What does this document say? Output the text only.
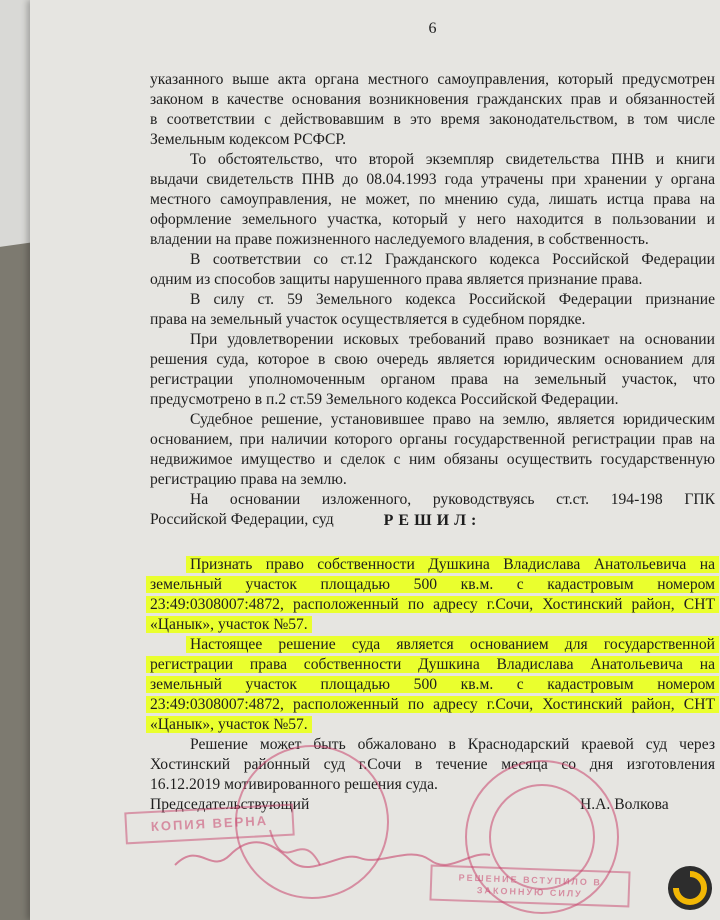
6
указанного выше акта органа местного самоуправления, который предусмотрен
законом в качестве основания возникновения гражданских прав и обязанностей
в соответствии с действовавшим в это время законодательством, в том числе
Земельным кодексом РСФСР.
То обстоятельство, что второй экземпляр свидетельства ПНВ и книги
выдачи свидетельств ПНВ до 08.04.1993 года утрачены при хранении у органа
местного самоуправления, не может, по мнению суда, лишать истца права на
оформление земельного участка, который у него находится в пользовании и
владении на праве пожизненного наследуемого владения, в собственность.
В соответствии со ст.12 Гражданского кодекса Российской Федерации
одним из способов защиты нарушенного права является признание права.
В силу ст. 59 Земельного кодекса Российской Федерации признание
права на земельный участок осуществляется в судебном порядке.
При удовлетворении исковых требований право возникает на основании
решения суда, которое в свою очередь является юридическим основанием для
регистрации уполномоченным органом права на земельный участок, что
предусмотрено в п.2 ст.59 Земельного кодекса Российской Федерации.
Судебное решение, установившее право на землю, является юридическим
основанием, при наличии которого органы государственной регистрации прав на
недвижимое имущество и сделок с ним обязаны осуществить государственную
регистрацию права на землю.
На основании изложенного, руководствуясь ст.ст. 194-198 ГПК
Российской Федерации, суд
Признать право собственности Душкина Владислава Анатольевича на
земельный участок площадью 500 кв.м. с кадастровым номером
23:49:0308007:4872, расположенный по адресу г.Сочи, Хостинский район, СНТ
«Цанык», участок №57.
Настоящее решение суда является основанием для государственной
регистрации права собственности Душкина Владислава Анатольевича на
земельный участок площадью 500 кв.м. с кадастровым номером
23:49:0308007:4872, расположенный по адресу г.Сочи, Хостинский район, СНТ
«Цанык», участок №57.
Решение может быть обжаловано в Краснодарский краевой суд через
Хостинский районный суд г.Сочи в течение месяца со дня изготовления
16.12.2019 мотивированного решения суда.
РЕШИЛ:
Председательствующий	Н.А. Волкова
КОПИЯ ВЕРНА
РЕШЕНИЕ ВСТУПИЛО В ЗАКОННУЮ СИЛУ
